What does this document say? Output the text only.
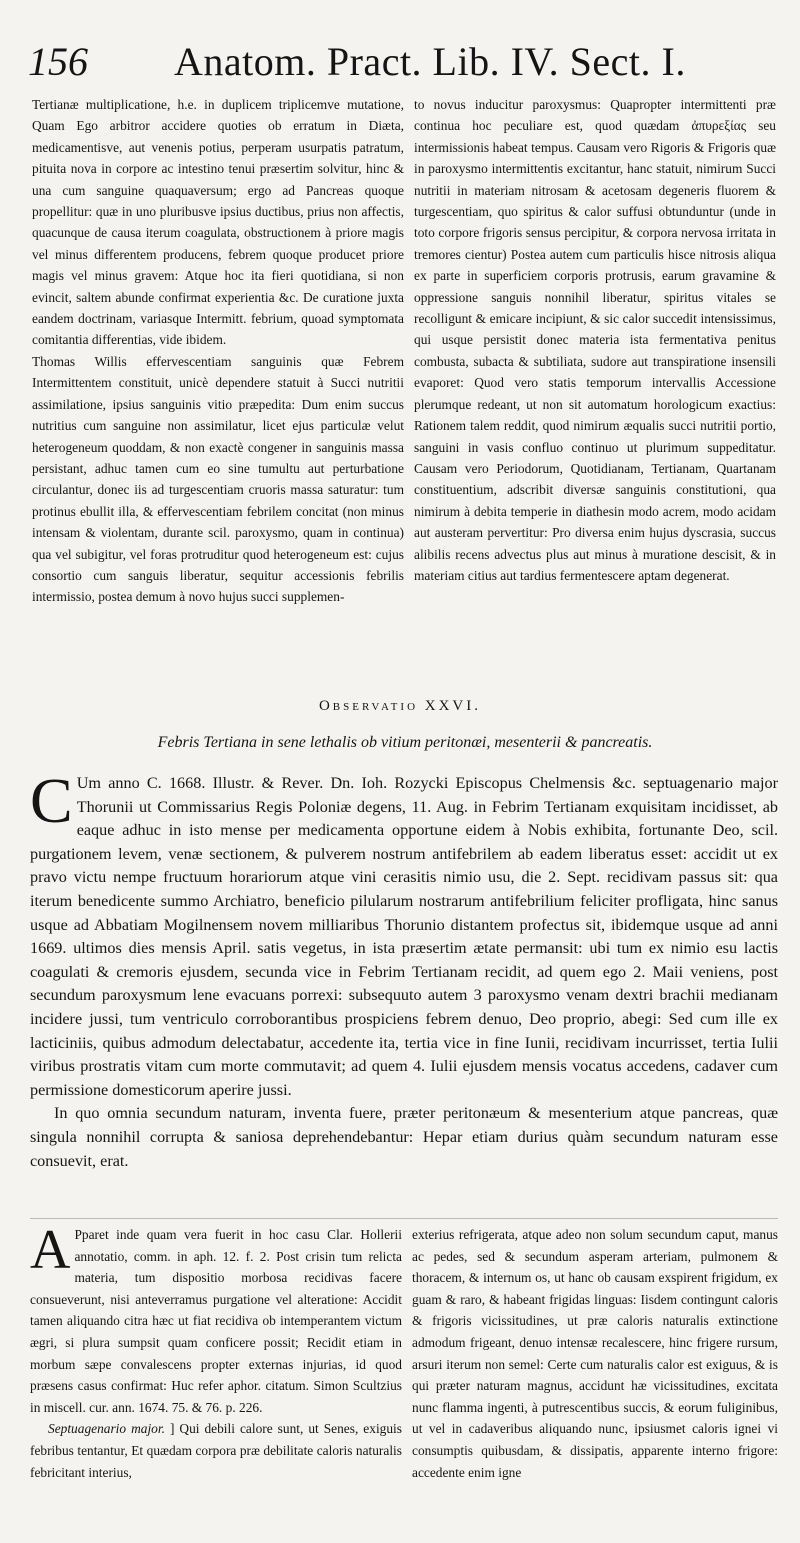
156 Anatom. Pract. Lib. IV. Sect. I.

Tertianæ multiplicatione, h.e. in duplicem triplicemve mutatione, Quam Ego arbitror accidere quoties ob erratum in Diæta, medicamentisve, aut venenis potius, perperam usurpatis patratum, pituita nova in corpore ac intestino tenui præsertim solvitur, hinc & una cum sanguine quaquaversum; ergo ad Pancreas quoque propellitur: quæ in uno pluribusve ipsius ductibus, prius non affectis, quacunque de causa iterum coagulata, obstructionem à priore magis vel minus differentem producens, febrem quoque producet priore magis vel minus gravem: Atque hoc ita fieri quotidiana, si non evincit, saltem abunde confirmat experientia &c. De curatione juxta eandem doctrinam, variasque Intermitt. febrium, quoad symptomata comitantia differentias, vide ibidem.

Thomas Willis effervescentiam sanguinis quæ Febrem Intermittentem constituit, unicè dependere statuit à Succi nutritii assimilatione, ipsius sanguinis vitio præpedita: Dum enim succus nutritius cum sanguine non assimilatur, licet ejus particulæ velut heterogeneum quoddam, & non exactè congener in sanguinis massa persistant, adhuc tamen cum eo sine tumultu aut perturbatione circulantur, donec iis ad turgescentiam cruoris massa saturatur: tum protinus ebullit illa, & effervescentiam febrilem concitat (non minus intensam & violentam, durante scil. paroxysmo, quam in continua) qua vel subigitur, vel foras protruditur quod heterogeneum est: cujus consortio cum sanguis liberatur, sequitur accessionis febrilis intermissio, postea demum à novo hujus succi supplemen-

to novus inducitur paroxysmus: Quapropter intermittenti præ continua hoc peculiare est, quod quædam ἀπυρεξίας seu intermissionis habeat tempus. Causam vero Rigoris & Frigoris quæ in paroxysmo intermittentis excitantur, hanc statuit, nimirum Succi nutritii in materiam nitrosam & acetosam degeneris fluorem & turgescentiam, quo spiritus & calor suffusi obtunduntur (unde in toto corpore frigoris sensus percipitur, & corpora nervosa irritata in tremores cientur) Postea autem cum particulis hisce nitrosis aliqua ex parte in superficiem corporis protrusis, earum gravamine & oppressione sanguis nonnihil liberatur, spiritus vitales se recolligunt & emicare incipiunt, & sic calor succedit intensissimus, qui usque persistit donec materia ista fermentativa penitus combusta, subacta & subtiliata, sudore aut transpiratione insensili evaporet: Quod vero statis temporum intervallis Accessione plerumque redeant, ut non sit automatum horologicum exactius: Rationem talem reddit, quod nimirum æqualis succi nutritii portio, sanguini in vasis confluo continuo ut plurimum suppeditatur. Causam vero Periodorum, Quotidianam, Tertianam, Quartanam constituentium, adscribit diversæ sanguinis constitutioni, qua nimirum à debita temperie in diathesin modo acrem, modo acidam aut austeram pervertitur: Pro diversa enim hujus dyscrasia, succus alibilis recens advectus plus aut minus à muratione descisit, & in materiam citius aut tardius fermentescere aptam degenerat.

Observatio XXVI.
Febris Tertiana in sene lethalis ob vitium peritonæi, mesenterii & pancreatis.

C Um anno C. 1668. Illustr. & Rever. Dn. Ioh. Rozycki Episcopus Chelmensis &c. septuagenario major Thorunii ut Commissarius Regis Poloniæ degens, 11. Aug. in Febrim Tertianam exquisitam incidisset, ab eaque adhuc in isto mense per medicamenta opportune eidem à Nobis exhibita, fortunante Deo, scil. purgationem levem, venæ sectionem, & pulverem nostrum antifebrilem ab eadem liberatus esset: accidit ut ex pravo victu nempe fructuum horariorum atque vini cerasitis nimio usu, die 2. Sept. recidivam passus sit: qua iterum benedicente summo Archiatro, beneficio pilularum nostrarum antifebrilium feliciter profligata, hinc sanus usque ad Abbatiam Mogilnensem novem milliaribus Thorunio distantem profectus sit, ibidemque usque ad anni 1669. ultimos dies mensis April. satis vegetus, in ista præsertim ætate permansit: ubi tum ex nimio esu lactis coagulati & cremoris ejusdem, secunda vice in Febrim Tertianam recidit, ad quem ego 2. Maii veniens, post secundum paroxysmum lene evacuans porrexi: subsequuto autem 3 paroxysmo venam dextri brachii medianam incidere jussi, tum ventriculo corroborantibus prospiciens febrem denuo, Deo proprio, abegi: Sed cum ille ex lacticiniis, quibus admodum delectabatur, accedente ita, tertia vice in fine Iunii, recidivam incurrisset, tertia Iulii viribus prostratis vitam cum morte commutavit; ad quem 4. Iulii ejusdem mensis vocatus accedens, cadaver cum permissione domesticorum aperire jussi.

In quo omnia secundum naturam, inventa fuere, præter peritonæum & mesenterium atque pancreas, quæ singula nonnihil corrupta & saniosa deprehendebantur: Hepar etiam durius quàm secundum naturam esse consuevit, erat.

A Pparet inde quam vera fuerit in hoc casu Clar. Hollerii annotatio, comm. in aph. 12. f. 2. Post crisin tum relicta materia, tum dispositio morbosa recidivas facere consueverunt, nisi anteverramus purgatione vel alteratione: Accidit tamen aliquando citra hæc ut fiat recidiva ob intemperantem victum ægri, si plura sumpsit quam conficere possit; Recidit etiam in morbum sæpe convalescens propter externas injurias, id quod præsens casus confirmat: Huc refer aphor. citatum. Simon Scultzius in miscell. cur. ann. 1674. 75. & 76. p. 226.

Septuagenario major. ] Qui debili calore sunt, ut Senes, exiguis febribus tentantur, Et quædam corpora præ debilitate caloris naturalis febricitant interius,

exterius refrigerata, atque adeo non solum secundum caput, manus ac pedes, sed & secundum asperam arteriam, pulmonem & thoracem, & internum os, ut hanc ob causam exspirent frigidum, ex guam & raro, & habeant frigidas linguas: Iisdem contingunt caloris & frigoris vicissitudines, ut præ caloris naturalis extinctione admodum frigeant, denuo intensæ recalescere, hinc frigere rursum, arsuri iterum non semel: Certe cum naturalis calor est exiguus, & is qui præter naturam magnus, accidunt hæ vicissitudines, excitata nunc flamma ingenti, à putrescentibus succis, & eorum fuliginibus, ut vel in cadaveribus aliquando nunc, ipsiusmet caloris ignei vi consumptis quibusdam, & dissipatis, apparente interno frigore: accedente enim igne
